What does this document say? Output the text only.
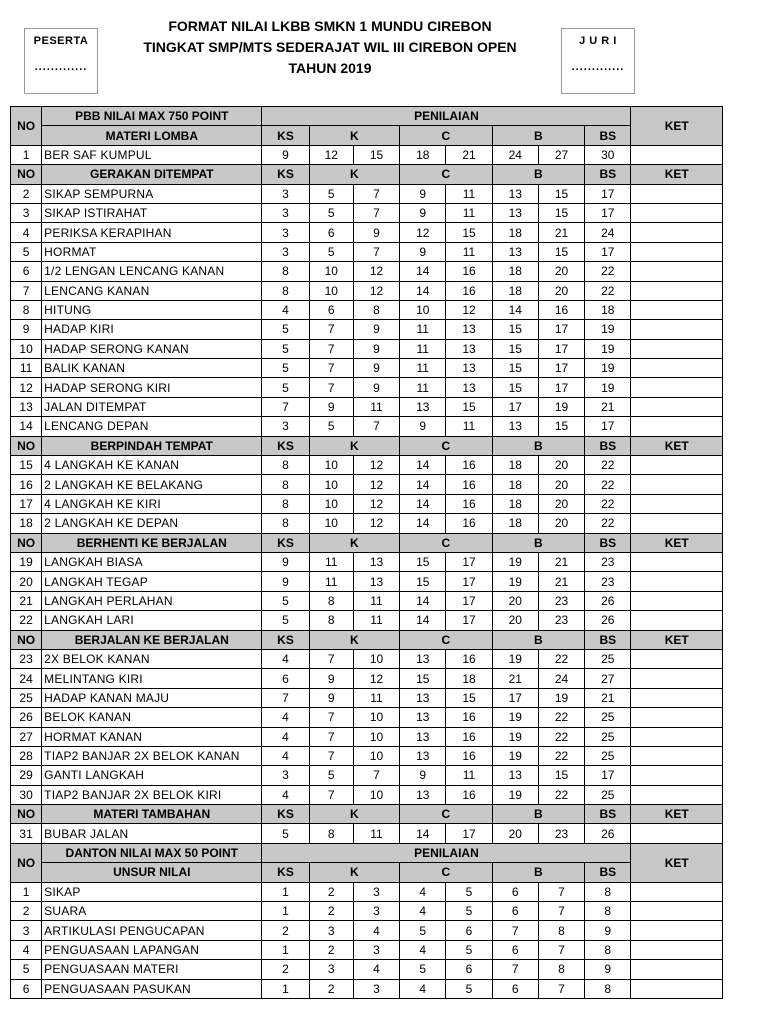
PESERTA
.............
FORMAT NILAI LKBB SMKN 1 MUNDU CIREBON
TINGKAT SMP/MTS SEDERAJAT WIL III CIREBON OPEN
TAHUN 2019
J U R I
.............
NO	PBB NILAI MAX 750 POINT	PENILAIAN								KET
	MATERI LOMBA	KS	K		C		B		BS	
1	BER SAF KUMPUL	9	12	15	18	21	24	27	30	
NO	GERAKAN DITEMPAT	KS	K		C		B		BS	KET
2	SIKAP SEMPURNA	3	5	7	9	11	13	15	17	
3	SIKAP ISTIRAHAT	3	5	7	9	11	13	15	17	
4	PERIKSA KERAPIHAN	3	6	9	12	15	18	21	24	
5	HORMAT	3	5	7	9	11	13	15	17	
6	1/2 LENGAN LENCANG KANAN	8	10	12	14	16	18	20	22	
7	LENCANG KANAN	8	10	12	14	16	18	20	22	
8	HITUNG	4	6	8	10	12	14	16	18	
9	HADAP KIRI	5	7	9	11	13	15	17	19	
10	HADAP SERONG KANAN	5	7	9	11	13	15	17	19	
11	BALIK KANAN	5	7	9	11	13	15	17	19	
12	HADAP SERONG KIRI	5	7	9	11	13	15	17	19	
13	JALAN DITEMPAT	7	9	11	13	15	17	19	21	
14	LENCANG DEPAN	3	5	7	9	11	13	15	17	
NO	BERPINDAH TEMPAT	KS	K		C		B		BS	KET
15	4 LANGKAH KE KANAN	8	10	12	14	16	18	20	22	
16	2 LANGKAH KE BELAKANG	8	10	12	14	16	18	20	22	
17	4 LANGKAH KE KIRI	8	10	12	14	16	18	20	22	
18	2 LANGKAH KE DEPAN	8	10	12	14	16	18	20	22	
NO	BERHENTI KE BERJALAN	KS	K		C		B		BS	KET
19	LANGKAH BIASA	9	11	13	15	17	19	21	23	
20	LANGKAH TEGAP	9	11	13	15	17	19	21	23	
21	LANGKAH PERLAHAN	5	8	11	14	17	20	23	26	
22	LANGKAH LARI	5	8	11	14	17	20	23	26	
NO	BERJALAN KE BERJALAN	KS	K		C		B		BS	KET
23	2X BELOK KANAN	4	7	10	13	16	19	22	25	
24	MELINTANG KIRI	6	9	12	15	18	21	24	27	
25	HADAP KANAN MAJU	7	9	11	13	15	17	19	21	
26	BELOK KANAN	4	7	10	13	16	19	22	25	
27	HORMAT KANAN	4	7	10	13	16	19	22	25	
28	TIAP2 BANJAR 2X BELOK KANAN	4	7	10	13	16	19	22	25	
29	GANTI LANGKAH	3	5	7	9	11	13	15	17	
30	TIAP2 BANJAR 2X BELOK KIRI	4	7	10	13	16	19	22	25	
NO	MATERI TAMBAHAN	KS	K		C		B		BS	KET
31	BUBAR JALAN	5	8	11	14	17	20	23	26	
NO	DANTON NILAI MAX 50 POINT	PENILAIAN								KET
	UNSUR NILAI	KS	K		C		B		BS	
1	SIKAP	1	2	3	4	5	6	7	8	
2	SUARA	1	2	3	4	5	6	7	8	
3	ARTIKULASI PENGUCAPAN	2	3	4	5	6	7	8	9	
4	PENGUASAAN LAPANGAN	1	2	3	4	5	6	7	8	
5	PENGUASAAN MATERI	2	3	4	5	6	7	8	9	
6	PENGUASAAN PASUKAN	1	2	3	4	5	6	7	8	
